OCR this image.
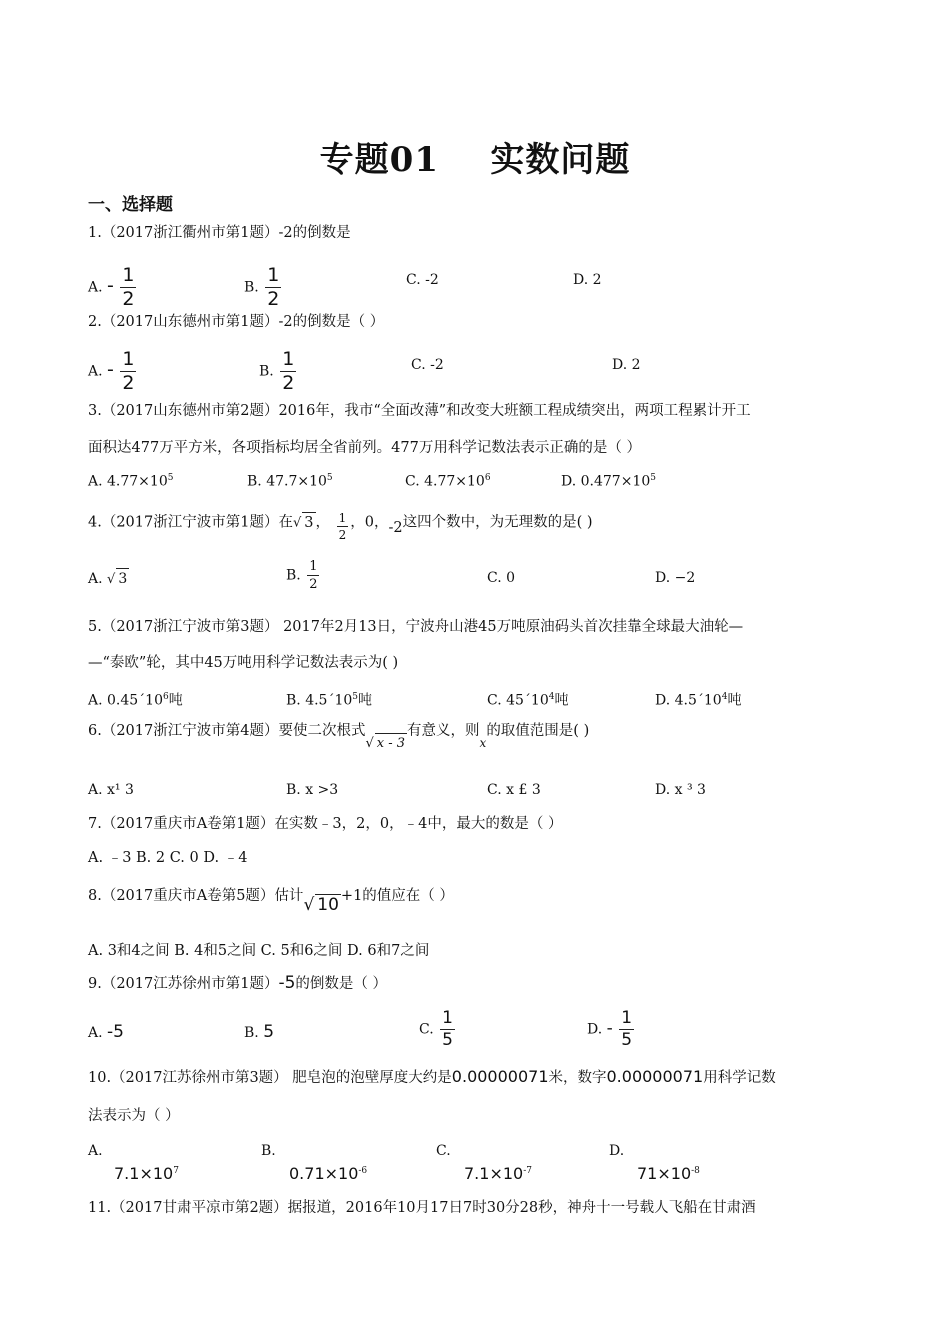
专题01    实数问题
一、选择题
1.（2017浙江衢州市第1题）-2的倒数是
A. - $\frac{1}{2}$	B. $\frac{1}{2}$	C. -2	D. 2
2.（2017山东德州市第1题）-2的倒数是（ ）
A. - $\frac{1}{2}$	B. $\frac{1}{2}$	C. -2	D. 2
3.（2017山东德州市第2题）2016年，我市“全面改薄”和改变大班额工程成绩突出，两项工程累计开工
面积达477万平方米，各项指标均居全省前列。477万用科学记数法表示正确的是（ ）
A. $4.77\times 10^5$	B. $47.7\times 10^5$	C. $4.77\times 10^6$	D. $0.477\times 10^5$
4.（2017浙江宁波市第1题）在√ 3 ， $\frac{1}{2}$ ，0，-2这四个数中，为无理数的是( )
A. √ 3	B. $\frac{1}{2}$	C. 0	D. −2
5.（2017浙江宁波市第3题） 2017年2月13日，宁波舟山港45万吨原油码头首次挂靠全球最大油轮—
—“泰欧”轮，其中45万吨用科学记数法表示为( )
A. $0.45´10^6$吨	B. $4.5´10^5$吨	C. $45´10^4$吨	D. $4.5´10^4$吨
6.（2017浙江宁波市第4题）要使二次根式√ x - 3有意义，则$_x$的取值范围是( )
A. x¹ 3	B. x >3	C. x £ 3	D. x ³ 3
7.（2017重庆市A卷第1题）在实数﹣3，2，0，﹣4中，最大的数是（ ）
A. ﹣3 B. 2 C. 0 D. ﹣4
8.（2017重庆市A卷第5题）估计√ 10 +1的值应在（ ）
A. 3和4之间 B. 4和5之间 C. 5和6之间 D. 6和7之间
9.（2017江苏徐州市第1题）-5的倒数是（ ）
A. -5	B. 5	C. $\frac{1}{5}$	D. - $\frac{1}{5}$
10.（2017江苏徐州市第3题） 肥皂泡的泡壁厚度大约是0.00000071米，数字0.00000071用科学记数
法表示为（ ）
A.
$7.1\times 10^7$
B.
$0.71\times 10^{-6}$
C.
$7.1\times 10^{-7}$
D.
$71\times 10^{-8}$
11.（2017甘肃平凉市第2题）据报道，2016年10月17日7时30分28秒，神舟十一号载人飞船在甘肃酒
